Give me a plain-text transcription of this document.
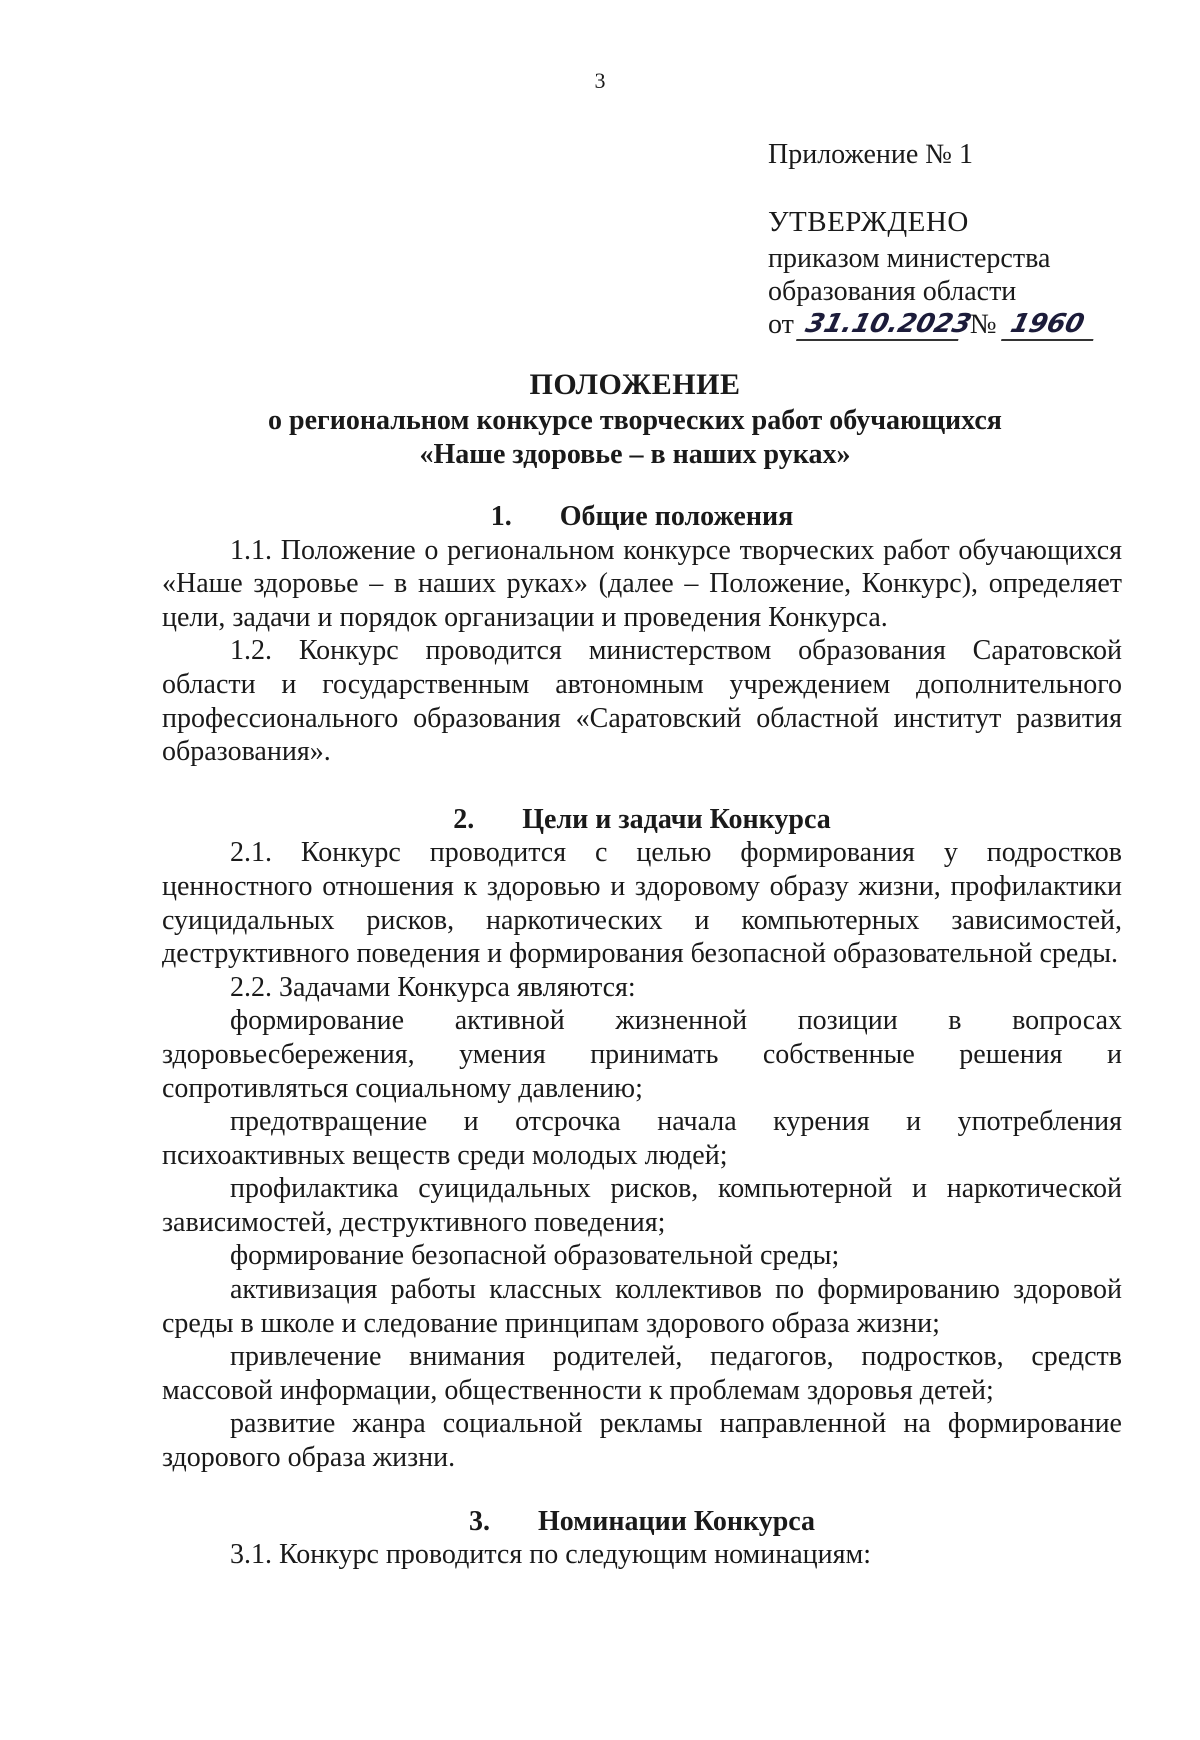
3
Приложение № 1
УТВЕРЖДЕНО
приказом министерства
образования области
от 31.10.2023
№ 1960
ПОЛОЖЕНИЕ
о региональном конкурсе творческих работ обучающихся
«Наше здоровье – в наших руках»
1. Общие положения

1.1. Положение о региональном конкурсе творческих работ обучающихся «Наше здоровье – в наших руках» (далее – Положение, Конкурс), определяет цели, задачи и порядок организации и проведения Конкурса.

1.2. Конкурс проводится министерством образования Саратовской области и государственным автономным учреждением дополнительного профессионального образования «Саратовский областной институт развития образования».

2. Цели и задачи Конкурса

2.1. Конкурс проводится с целью формирования у подростков ценностного отношения к здоровью и здоровому образу жизни, профилактики суицидальных рисков, наркотических и компьютерных зависимостей, деструктивного поведения и формирования безопасной образовательной среды.

2.2. Задачами Конкурса являются:

формирование активной жизненной позиции в вопросах здоровьесбережения, умения принимать собственные решения и сопротивляться социальному давлению;

предотвращение и отсрочка начала курения и употребления психоактивных веществ среди молодых людей;

профилактика суицидальных рисков, компьютерной и наркотической зависимостей, деструктивного поведения;

формирование безопасной образовательной среды;

активизация работы классных коллективов по формированию здоровой среды в школе и следование принципам здорового образа жизни;

привлечение внимания родителей, педагогов, подростков, средств массовой информации, общественности к проблемам здоровья детей;

развитие жанра социальной рекламы направленной на формирование здорового образа жизни.

3. Номинации Конкурса

3.1. Конкурс проводится по следующим номинациям:
